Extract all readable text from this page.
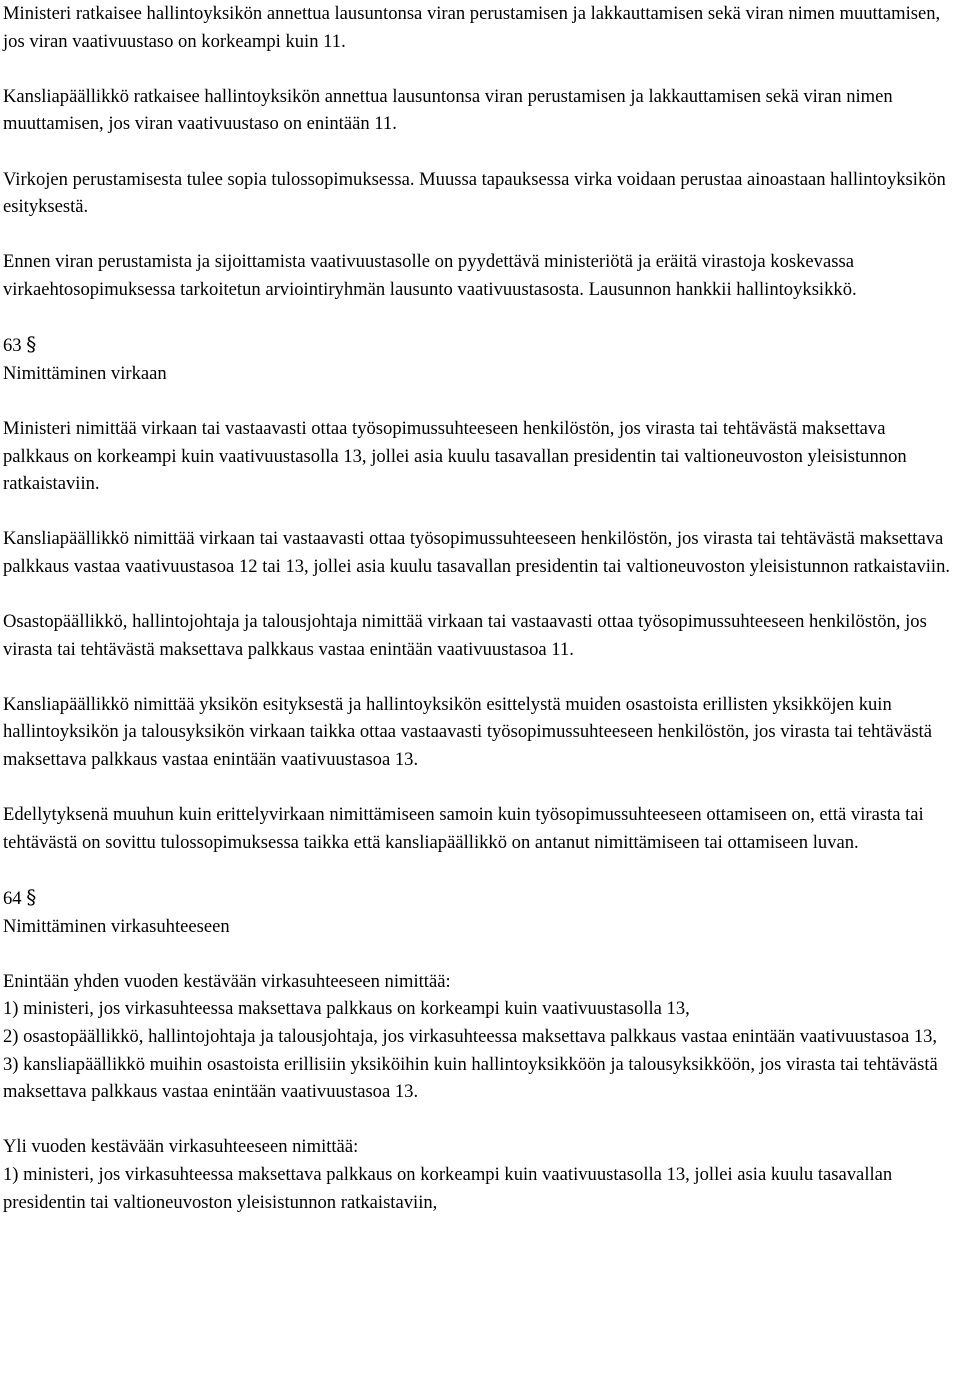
Ministeri ratkaisee hallintoyksikön annettua lausuntonsa viran perustamisen ja lakkauttamisen sekä viran nimen muuttamisen, jos viran vaativuustaso on korkeampi kuin 11.

Kansliapäällikkö ratkaisee hallintoyksikön annettua lausuntonsa viran perustamisen ja lakkauttamisen sekä viran nimen muuttamisen, jos viran vaativuustaso on enintään 11.

Virkojen perustamisesta tulee sopia tulossopimuksessa. Muussa tapauksessa virka voidaan perustaa ainoastaan hallintoyksikön esityksestä.

Ennen viran perustamista ja sijoittamista vaativuustasolle on pyydettävä ministeriötä ja eräitä virastoja koskevassa virkaehtosopimuksessa tarkoitetun arviointiryhmän lausunto vaativuustasosta. Lausunnon hankkii hallintoyksikkö.

63 §
Nimittäminen virkaan

Ministeri nimittää virkaan tai vastaavasti ottaa työsopimussuhteeseen henkilöstön, jos virasta tai tehtävästä maksettava palkkaus on korkeampi kuin vaativuustasolla 13, jollei asia kuulu tasavallan presidentin tai valtioneuvoston yleisistunnon ratkaistaviin.

Kansliapäällikkö nimittää virkaan tai vastaavasti ottaa työsopimussuhteeseen henkilöstön, jos virasta tai tehtävästä maksettava palkkaus vastaa vaativuustasoa 12 tai 13, jollei asia kuulu tasavallan presidentin tai valtioneuvoston yleisistunnon ratkaistaviin.

Osastopäällikkö, hallintojohtaja ja talousjohtaja nimittää virkaan tai vastaavasti ottaa työsopimussuhteeseen henkilöstön, jos virasta tai tehtävästä maksettava palkkaus vastaa enintään vaativuustasoa 11.

Kansliapäällikkö nimittää yksikön esityksestä ja hallintoyksikön esittelystä muiden osastoista erillisten yksikköjen kuin hallintoyksikön ja talousyksikön virkaan taikka ottaa vastaavasti työsopimussuhteeseen henkilöstön, jos virasta tai tehtävästä maksettava palkkaus vastaa enintään vaativuustasoa 13.

Edellytyksenä muuhun kuin erittelyvirkaan nimittämiseen samoin kuin työsopimussuhteeseen ottamiseen on, että virasta tai tehtävästä on sovittu tulossopimuksessa taikka että kansliapäällikkö on antanut nimittämiseen tai ottamiseen luvan.

64 §
Nimittäminen virkasuhteeseen
Enintään yhden vuoden kestävään virkasuhteeseen nimittää:
1) ministeri, jos virkasuhteessa maksettava palkkaus on korkeampi kuin vaativuustasolla 13,
2) osastopäällikkö, hallintojohtaja ja talousjohtaja, jos virkasuhteessa maksettava palkkaus vastaa enintään vaativuustasoa 13,
3) kansliapäällikkö muihin osastoista erillisiin yksiköihin kuin hallintoyksikköön ja talousyksikköön, jos virasta tai tehtävästä maksettava palkkaus vastaa enintään vaativuustasoa 13.
Yli vuoden kestävään virkasuhteeseen nimittää:
1) ministeri, jos virkasuhteessa maksettava palkkaus on korkeampi kuin vaativuustasolla 13, jollei asia kuulu tasavallan presidentin tai valtioneuvoston yleisistunnon ratkaistaviin,
